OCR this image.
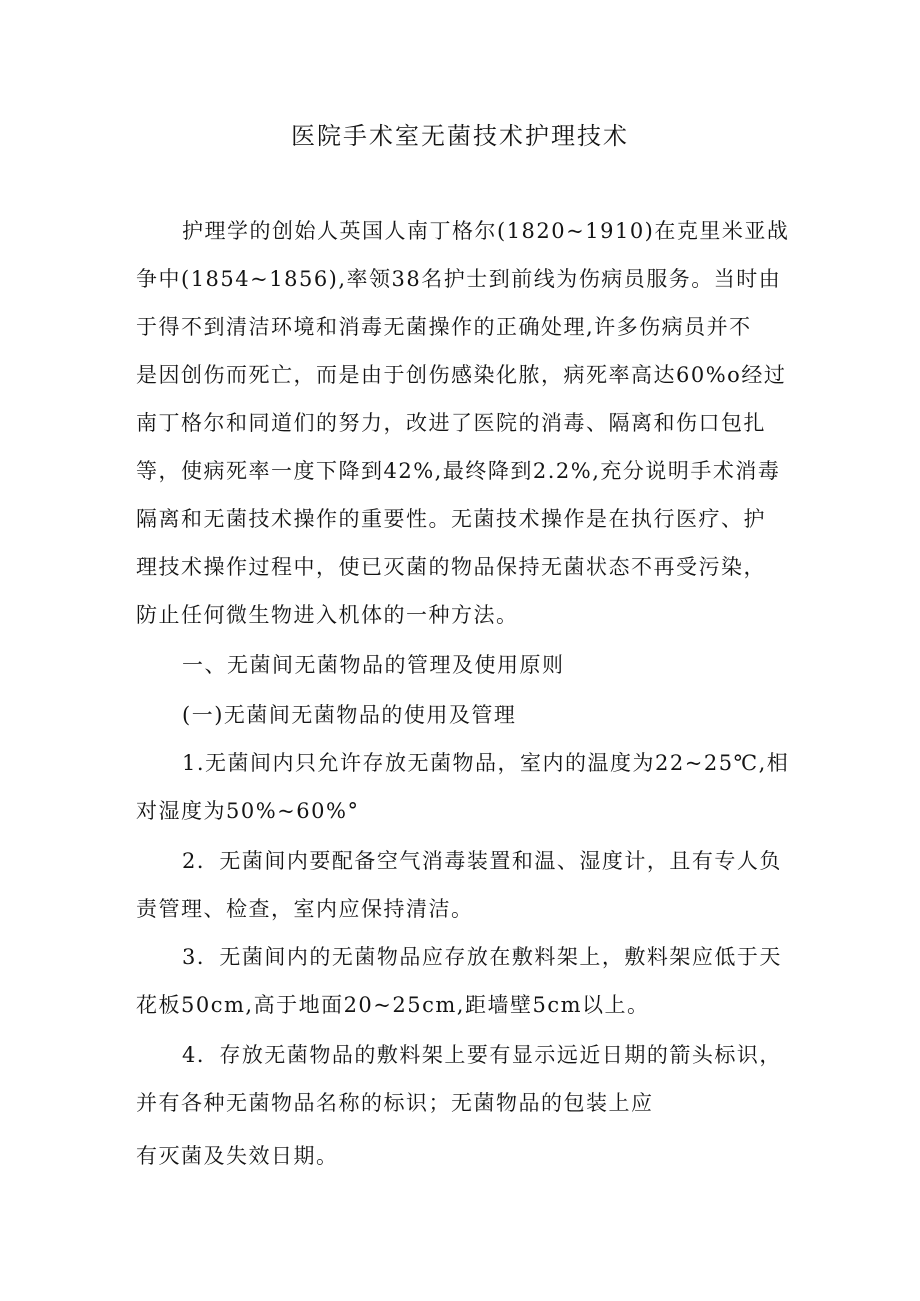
医院手术室无菌技术护理技术
护理学的创始人英国人南丁格尔(1820~1910)在克里米亚战
争中(1854~1856),率领38名护士到前线为伤病员服务。当时由
于得不到清洁环境和消毒无菌操作的正确处理,许多伤病员并不
是因创伤而死亡，而是由于创伤感染化脓，病死率高达60%o经过
南丁格尔和同道们的努力，改进了医院的消毒、隔离和伤口包扎
等，使病死率一度下降到42%,最终降到2.2%,充分说明手术消毒
隔离和无菌技术操作的重要性。无菌技术操作是在执行医疗、护
理技术操作过程中，使已灭菌的物品保持无菌状态不再受污染，
防止任何微生物进入机体的一种方法。
一、无菌间无菌物品的管理及使用原则
(一)无菌间无菌物品的使用及管理
1.无菌间内只允许存放无菌物品，室内的温度为22~25℃,相
对湿度为50%~60%°
2．无菌间内要配备空气消毒装置和温、湿度计，且有专人负
责管理、检查，室内应保持清洁。
3．无菌间内的无菌物品应存放在敷料架上，敷料架应低于天
花板50cm,高于地面20~25cm,距墙壁5cm以上。
4．存放无菌物品的敷料架上要有显示远近日期的箭头标识，
并有各种无菌物品名称的标识；无菌物品的包装上应
有灭菌及失效日期。
